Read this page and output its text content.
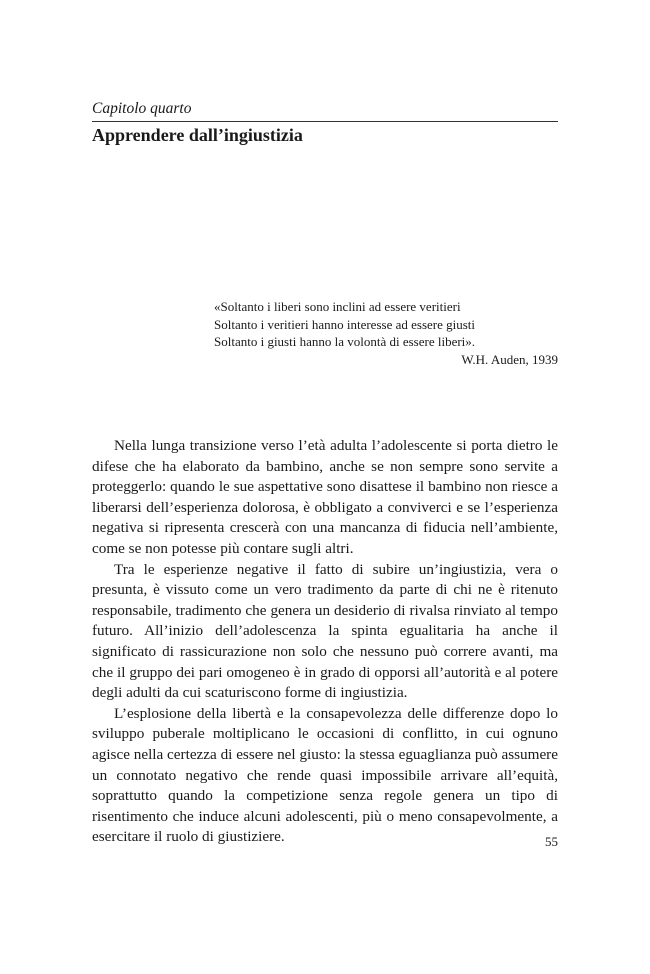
Capitolo quarto
Apprendere dall’ingiustizia
«Soltanto i liberi sono inclini ad essere veritieri
Soltanto i veritieri hanno interesse ad essere giusti
Soltanto i giusti hanno la volontà di essere liberi».
W.H. Auden, 1939

Nella lunga transizione verso l’età adulta l’adolescente si porta dietro le difese che ha elaborato da bambino, anche se non sempre sono servite a proteggerlo: quando le sue aspettative sono disattese il bambino non riesce a liberarsi dell’esperienza dolorosa, è obbligato a conviverci e se l’esperienza negativa si ripresenta crescerà con una mancanza di fiducia nell’ambiente, come se non potesse più contare sugli altri.

Tra le esperienze negative il fatto di subire un’ingiustizia, vera o presunta, è vissuto come un vero tradimento da parte di chi ne è ritenuto responsabile, tradimento che genera un desiderio di rivalsa rinviato al tempo futuro. All’inizio dell’adolescenza la spinta egualitaria ha anche il significato di rassicurazione non solo che nessuno può correre avanti, ma che il gruppo dei pari omogeneo è in grado di opporsi all’autorità e al potere degli adulti da cui scaturiscono forme di ingiustizia.

L’esplosione della libertà e la consapevolezza delle differenze dopo lo sviluppo puberale moltiplicano le occasioni di conflitto, in cui ognuno agisce nella certezza di essere nel giusto: la stessa eguaglianza può assumere un connotato negativo che rende quasi impossibile arrivare all’equità, soprattutto quando la competizione senza regole genera un tipo di risentimento che induce alcuni adolescenti, più o meno consapevolmente, a esercitare il ruolo di giustiziere.	55
